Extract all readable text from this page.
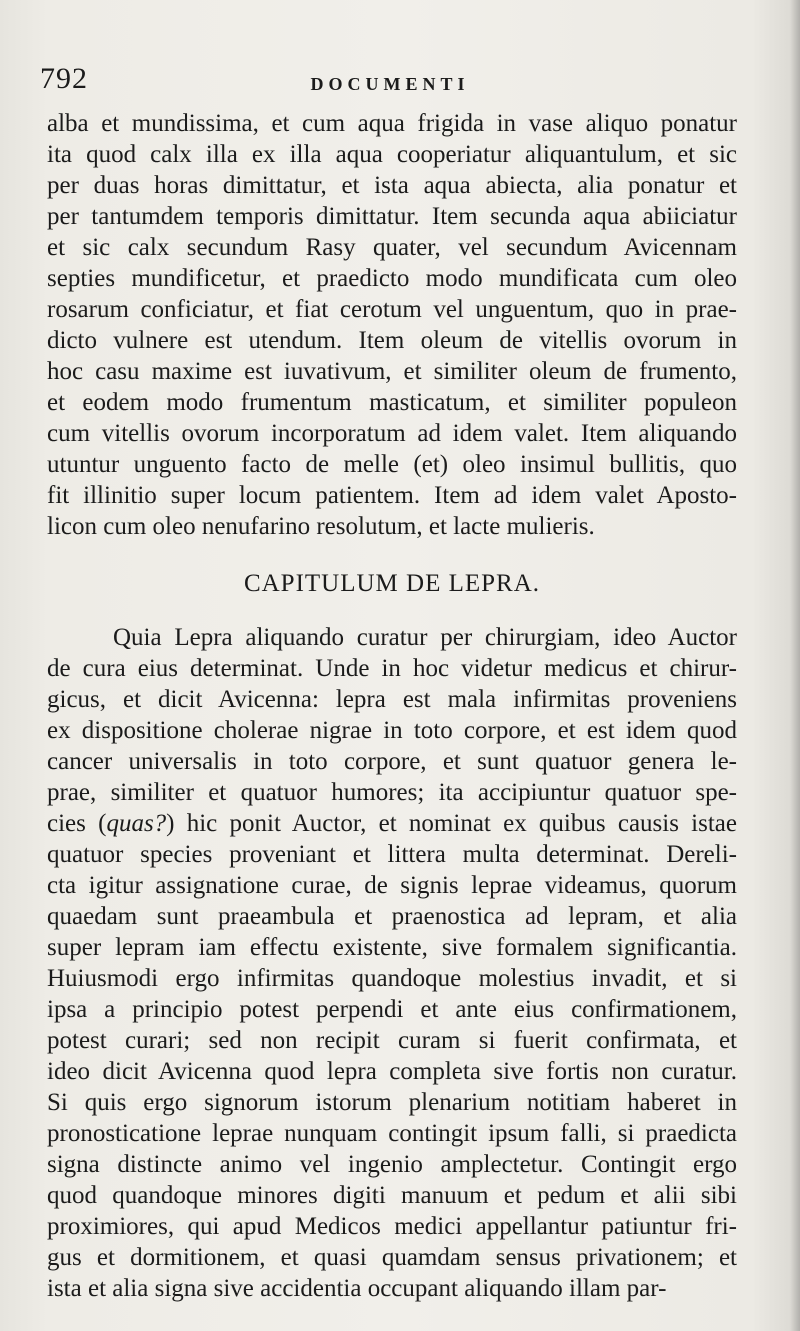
792	DOCUMENTI
alba et mundissima, et cum aqua frigida in vase aliquo ponatur
ita quod calx illa ex illa aqua cooperiatur aliquantulum, et sic
per duas horas dimittatur, et ista aqua abiecta, alia ponatur et
per tantumdem temporis dimittatur. Item secunda aqua abiiciatur
et sic calx secundum Rasy quater, vel secundum Avicennam
septies mundificetur, et praedicto modo mundificata cum oleo
rosarum conficiatur, et fiat cerotum vel unguentum, quo in prae-
dicto vulnere est utendum. Item oleum de vitellis ovorum in
hoc casu maxime est iuvativum, et similiter oleum de frumento,
et eodem modo frumentum masticatum, et similiter populeon
cum vitellis ovorum incorporatum ad idem valet. Item aliquando
utuntur unguento facto de melle (et) oleo insimul bullitis, quo
fit illinitio super locum patientem. Item ad idem valet Aposto-
licon cum oleo nenufarino resolutum, et lacte mulieris.
CAPITULUM DE LEPRA.
Quia Lepra aliquando curatur per chirurgiam, ideo Auctor
de cura eius determinat. Unde in hoc videtur medicus et chirur-
gicus, et dicit Avicenna: lepra est mala infirmitas proveniens
ex dispositione cholerae nigrae in toto corpore, et est idem quod
cancer universalis in toto corpore, et sunt quatuor genera le-
prae, similiter et quatuor humores; ita accipiuntur quatuor spe-
cies (quas?) hic ponit Auctor, et nominat ex quibus causis istae
quatuor species proveniant et littera multa determinat. Dereli-
cta igitur assignatione curae, de signis leprae videamus, quorum
quaedam sunt praeambula et praenostica ad lepram, et alia
super lepram iam effectu existente, sive formalem significantia.
Huiusmodi ergo infirmitas quandoque molestius invadit, et si
ipsa a principio potest perpendi et ante eius confirmationem,
potest curari; sed non recipit curam si fuerit confirmata, et
ideo dicit Avicenna quod lepra completa sive fortis non curatur.
Si quis ergo signorum istorum plenarium notitiam haberet in
pronosticatione leprae nunquam contingit ipsum falli, si praedicta
signa distincte animo vel ingenio amplectetur. Contingit ergo
quod quandoque minores digiti manuum et pedum et alii sibi
proximiores, qui apud Medicos medici appellantur patiuntur fri-
gus et dormitionem, et quasi quamdam sensus privationem; et
ista et alia signa sive accidentia occupant aliquando illam par-
